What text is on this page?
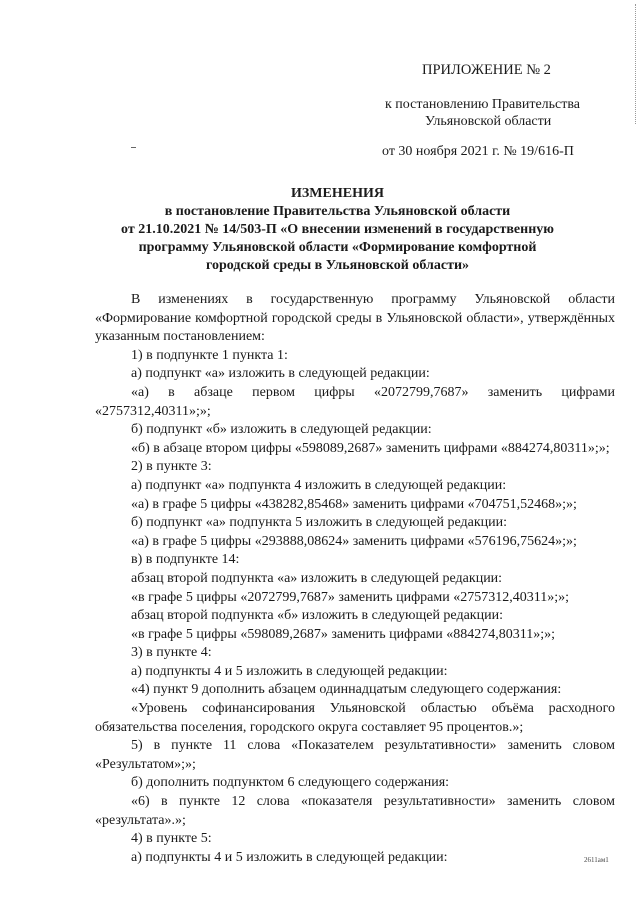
ПРИЛОЖЕНИЕ № 2
к постановлению Правительства
Ульяновской области
от 30 ноября 2021 г. № 19/616-П
ИЗМЕНЕНИЯ
в постановление Правительства Ульяновской области
от 21.10.2021 № 14/503-П «О внесении изменений в государственную
программу Ульяновской области «Формирование комфортной
городской среды в Ульяновской области»

В изменениях в государственную программу Ульяновской области «Формирование комфортной городской среды в Ульяновской области», утверждённых указанным постановлением:

1) в подпункте 1 пункта 1:

а) подпункт «а» изложить в следующей редакции:

«а) в абзаце первом цифры «2072799,7687» заменить цифрами «2757312,40311»;»;

б) подпункт «б» изложить в следующей редакции:

«б) в абзаце втором цифры «598089,2687» заменить цифрами «884274,80311»;»;

2) в пункте 3:

а) подпункт «а» подпункта 4 изложить в следующей редакции:

«а) в графе 5 цифры «438282,85468» заменить цифрами «704751,52468»;»;

б) подпункт «а» подпункта 5 изложить в следующей редакции:

«а) в графе 5 цифры «293888,08624» заменить цифрами «576196,75624»;»;

в) в подпункте 14:

абзац второй подпункта «а» изложить в следующей редакции:

«в графе 5 цифры «2072799,7687» заменить цифрами «2757312,40311»;»;

абзац второй подпункта «б» изложить в следующей редакции:

«в графе 5 цифры «598089,2687» заменить цифрами «884274,80311»;»;

3) в пункте 4:

а) подпункты 4 и 5 изложить в следующей редакции:

«4) пункт 9 дополнить абзацем одиннадцатым следующего содержания:

«Уровень софинансирования Ульяновской областью объёма расходного обязательства поселения, городского округа составляет 95 процентов.»;

5) в пункте 11 слова «Показателем результативности» заменить словом «Результатом»;»;

б) дополнить подпунктом 6 следующего содержания:

«6) в пункте 12 слова «показателя результативности» заменить словом «результата».»;

4) в пункте 5:

а) подпункты 4 и 5 изложить в следующей редакции:	2611ам1
